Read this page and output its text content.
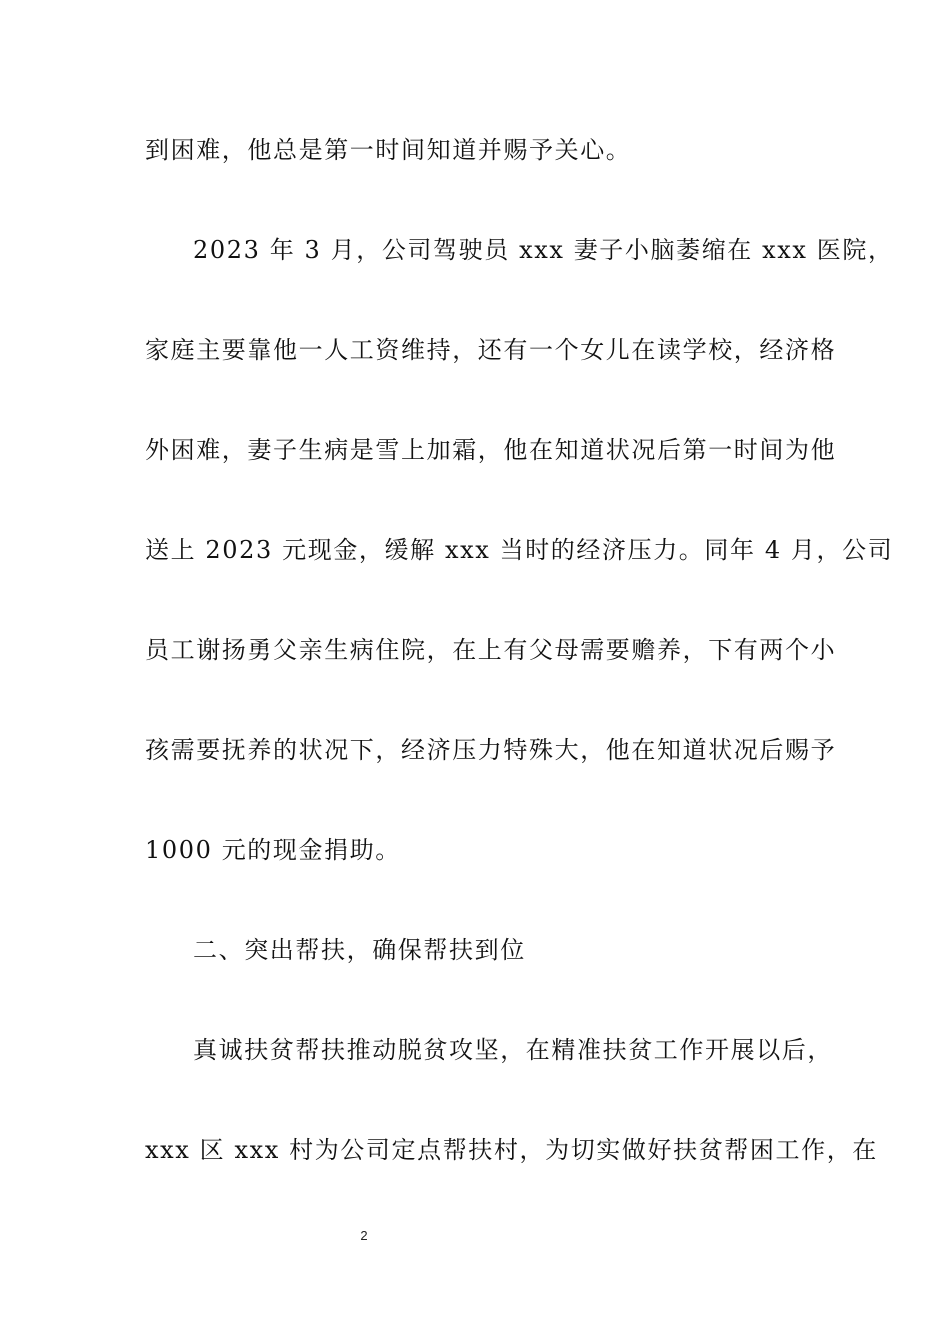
到困难，他总是第一时间知道并赐予关心。
2023 年 3 月，公司驾驶员 xxx 妻子小脑萎缩在 xxx 医院，
家庭主要靠他一人工资维持，还有一个女儿在读学校，经济格
外困难，妻子生病是雪上加霜，他在知道状况后第一时间为他
送上 2023 元现金，缓解 xxx 当时的经济压力。同年 4 月，公司
员工谢扬勇父亲生病住院，在上有父母需要赡养，下有两个小
孩需要抚养的状况下，经济压力特殊大，他在知道状况后赐予
1000 元的现金捐助。
二、突出帮扶，确保帮扶到位
真诚扶贫帮扶推动脱贫攻坚，在精准扶贫工作开展以后，
xxx 区 xxx 村为公司定点帮扶村，为切实做好扶贫帮困工作，在
2
